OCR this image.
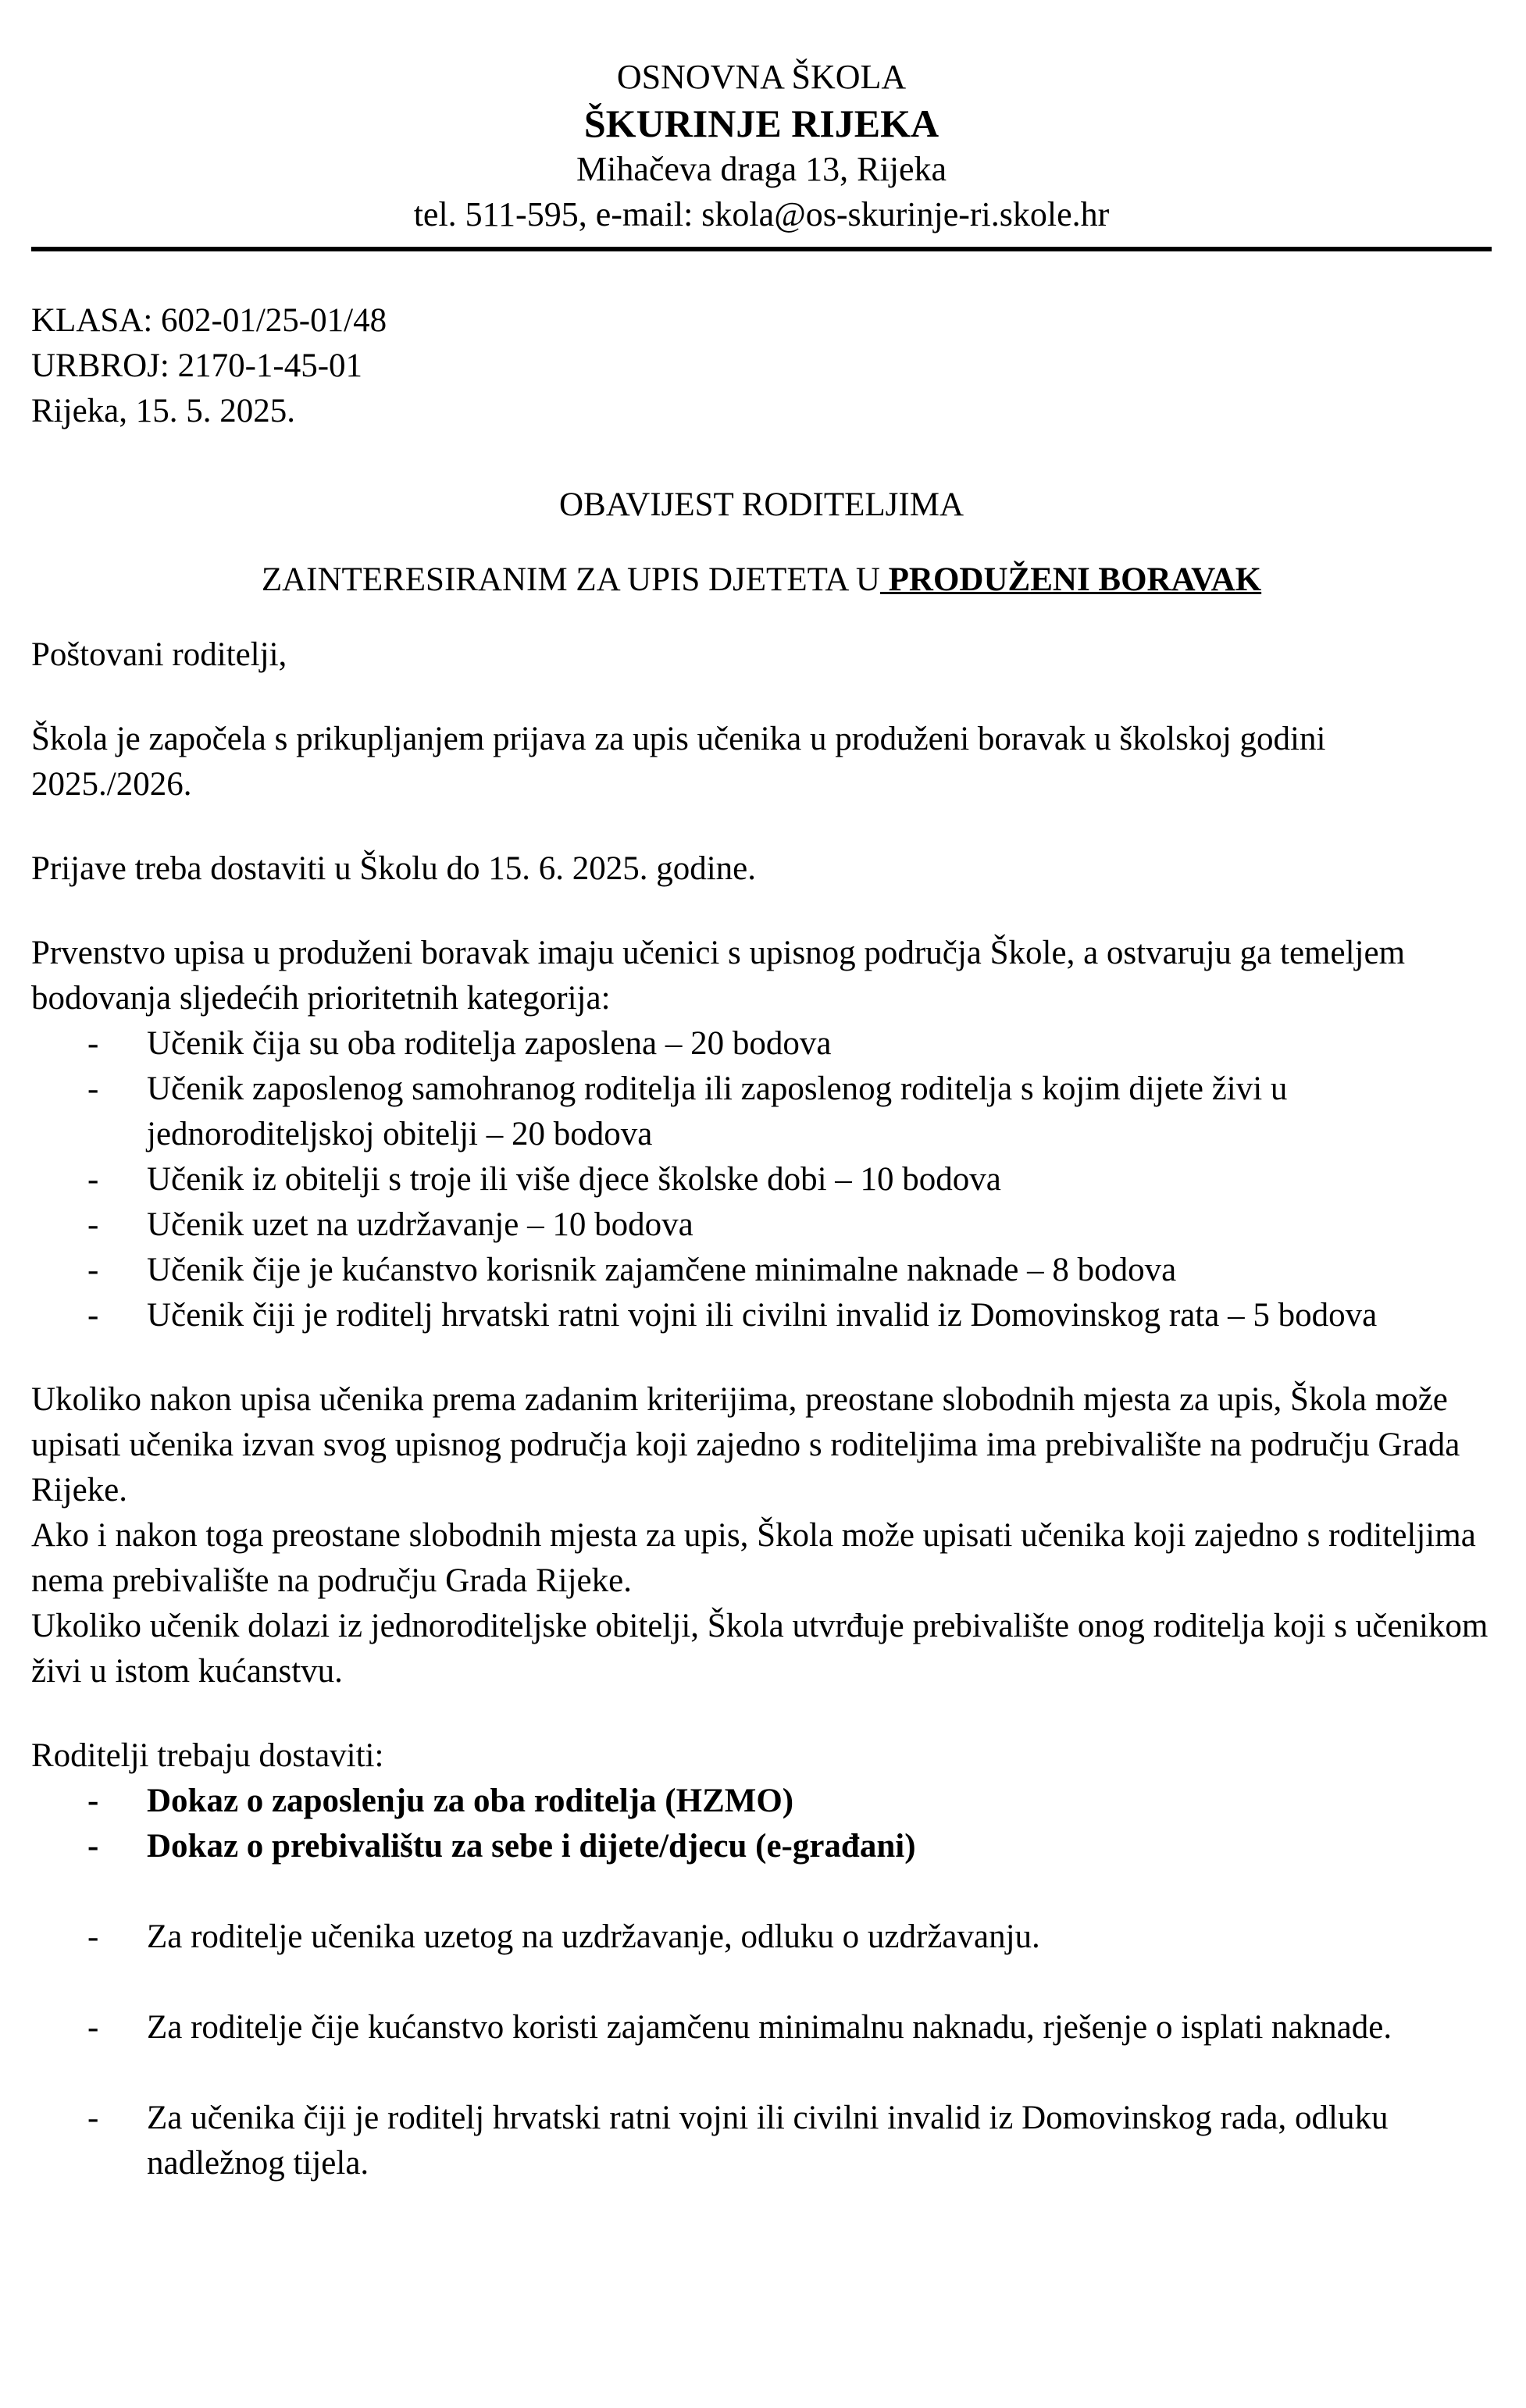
OSNOVNA ŠKOLA
ŠKURINJE RIJEKA
Mihačeva draga 13, Rijeka
tel. 511-595, e-mail: skola@os-skurinje-ri.skole.hr
KLASA: 602-01/25-01/48
URBROJ: 2170-1-45-01
Rijeka, 15. 5. 2025.
OBAVIJEST RODITELJIMA
ZAINTERESIRANIM ZA UPIS DJETETA U PRODUŽENI BORAVAK
Poštovani roditelji,
Škola je započela s prikupljanjem prijava za upis učenika u produženi boravak u školskoj godini 2025./2026.
Prijave treba dostaviti u Školu do 15. 6. 2025. godine.
Prvenstvo upisa u produženi boravak imaju učenici s upisnog područja Škole, a ostvaruju ga temeljem bodovanja sljedećih prioritetnih kategorija:
- Učenik čija su oba roditelja zaposlena – 20 bodova
- Učenik zaposlenog samohranog roditelja ili zaposlenog roditelja s kojim dijete živi u jednoroditeljskoj obitelji – 20 bodova
- Učenik iz obitelji s troje ili više djece školske dobi – 10 bodova
- Učenik uzet na uzdržavanje – 10 bodova
- Učenik čije je kućanstvo korisnik zajamčene minimalne naknade – 8 bodova
- Učenik čiji je roditelj hrvatski ratni vojni ili civilni invalid iz Domovinskog rata – 5 bodova
Ukoliko nakon upisa učenika prema zadanim kriterijima, preostane slobodnih mjesta za upis, Škola može upisati učenika izvan svog upisnog područja koji zajedno s roditeljima ima prebivalište na području Grada Rijeke.
Ako i nakon toga preostane slobodnih mjesta za upis, Škola može upisati učenika koji zajedno s roditeljima nema prebivalište na području Grada Rijeke.
Ukoliko učenik dolazi iz jednoroditeljske obitelji, Škola utvrđuje prebivalište onog roditelja koji s učenikom živi u istom kućanstvu.
Roditelji trebaju dostaviti:
- Dokaz o zaposlenju za oba roditelja (HZMO)
- Dokaz o prebivalištu za sebe i dijete/djecu (e-građani)
- Za roditelje učenika uzetog na uzdržavanje, odluku o uzdržavanju.
- Za roditelje čije kućanstvo koristi zajamčenu minimalnu naknadu, rješenje o isplati naknade.
- Za učenika čiji je roditelj hrvatski ratni vojni ili civilni invalid iz Domovinskog rada, odluku nadležnog tijela.
